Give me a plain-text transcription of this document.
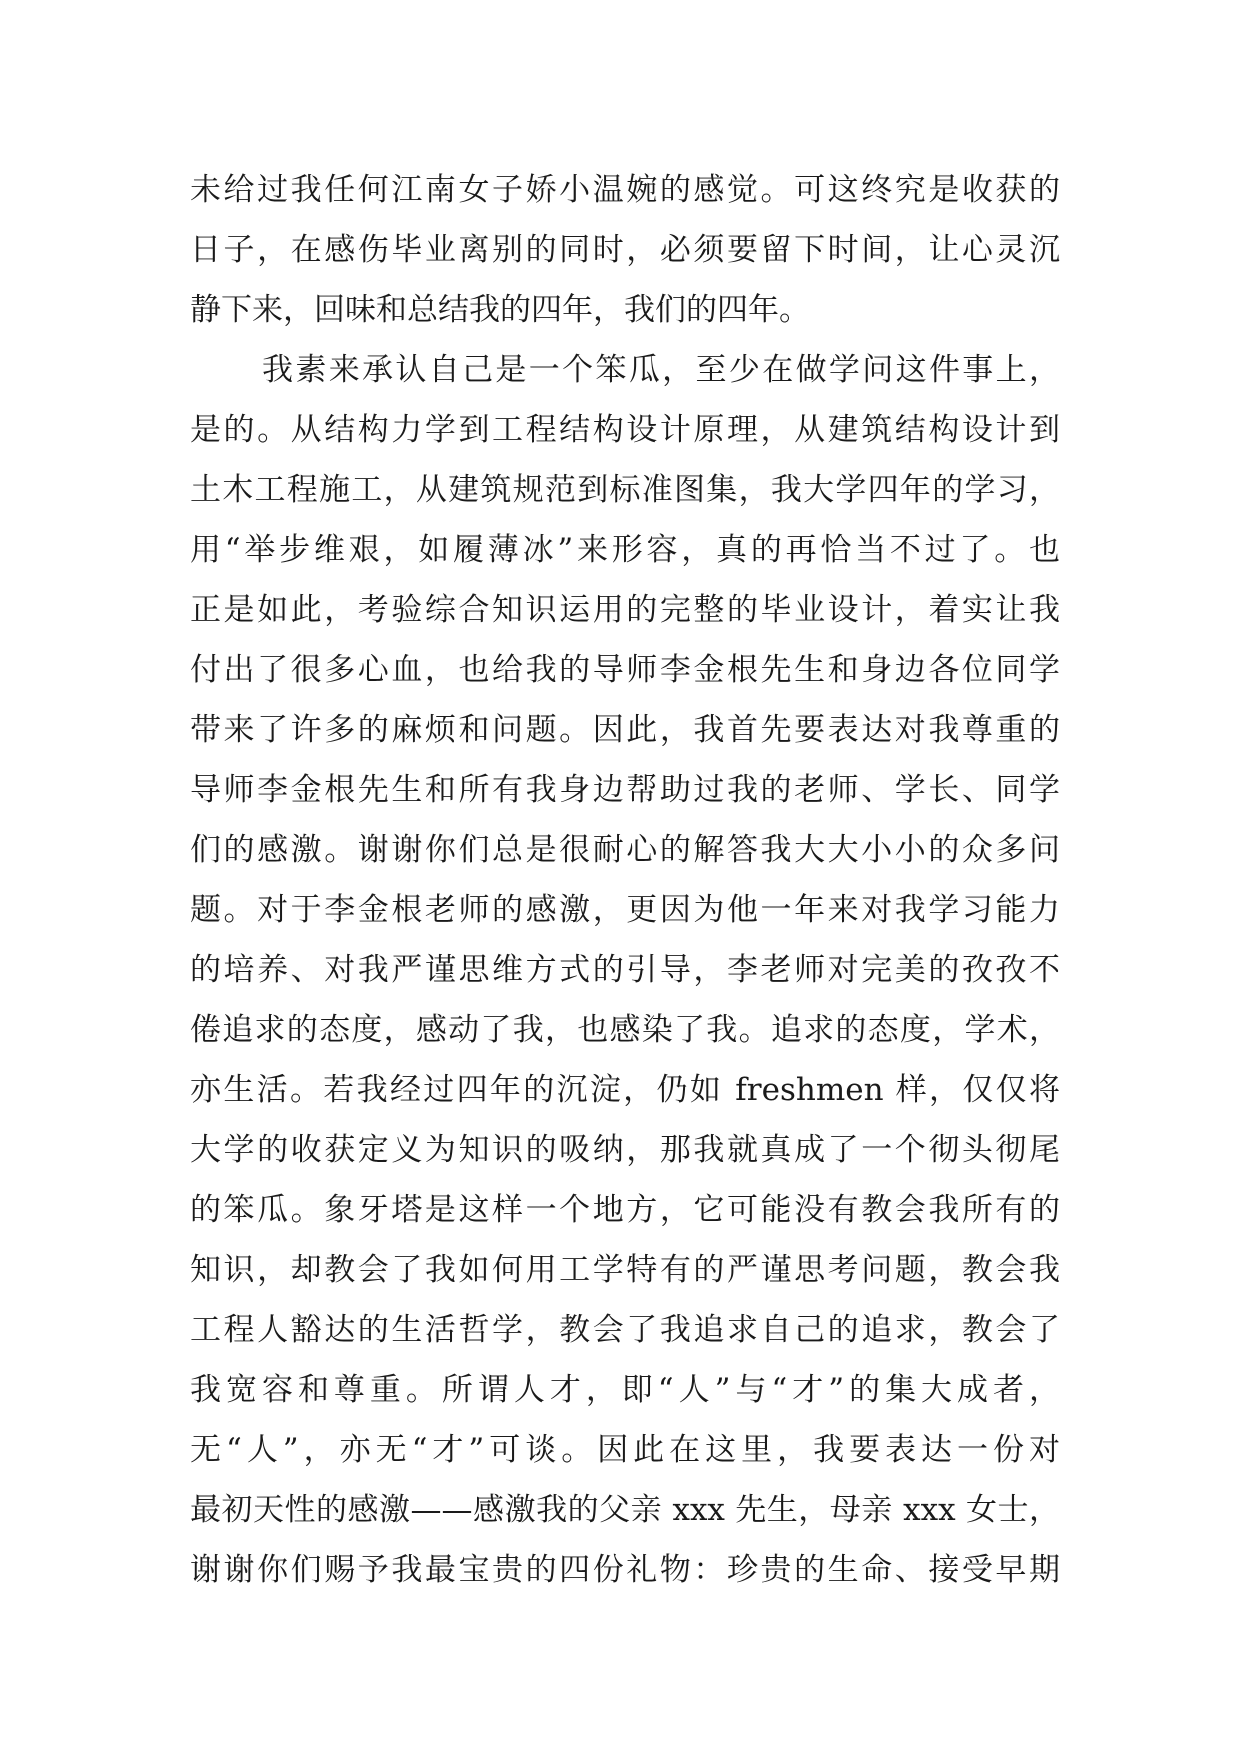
未给过我任何江南女子娇小温婉的感觉。可这终究是收获的
日子，在感伤毕业离别的同时，必须要留下时间，让心灵沉
静下来，回味和总结我的四年，我们的四年。
我素来承认自己是一个笨瓜，至少在做学问这件事上，
是的。从结构力学到工程结构设计原理，从建筑结构设计到
土木工程施工，从建筑规范到标准图集，我大学四年的学习，
用“举步维艰，如履薄冰”来形容，真的再恰当不过了。也
正是如此，考验综合知识运用的完整的毕业设计，着实让我
付出了很多心血，也给我的导师李金根先生和身边各位同学
带来了许多的麻烦和问题。因此，我首先要表达对我尊重的
导师李金根先生和所有我身边帮助过我的老师、学长、同学
们的感激。谢谢你们总是很耐心的解答我大大小小的众多问
题。对于李金根老师的感激，更因为他一年来对我学习能力
的培养、对我严谨思维方式的引导，李老师对完美的孜孜不
倦追求的态度，感动了我，也感染了我。追求的态度，学术，
亦生活。若我经过四年的沉淀，仍如 freshmen 样，仅仅将
大学的收获定义为知识的吸纳，那我就真成了一个彻头彻尾
的笨瓜。象牙塔是这样一个地方，它可能没有教会我所有的
知识，却教会了我如何用工学特有的严谨思考问题，教会我
工程人豁达的生活哲学，教会了我追求自己的追求，教会了
我宽容和尊重。所谓人才，即“人”与“才”的集大成者，
无“人”，亦无“才”可谈。因此在这里，我要表达一份对
最初天性的感激——感激我的父亲 xxx 先生，母亲 xxx 女士，
谢谢你们赐予我最宝贵的四份礼物：珍贵的生命、接受早期
